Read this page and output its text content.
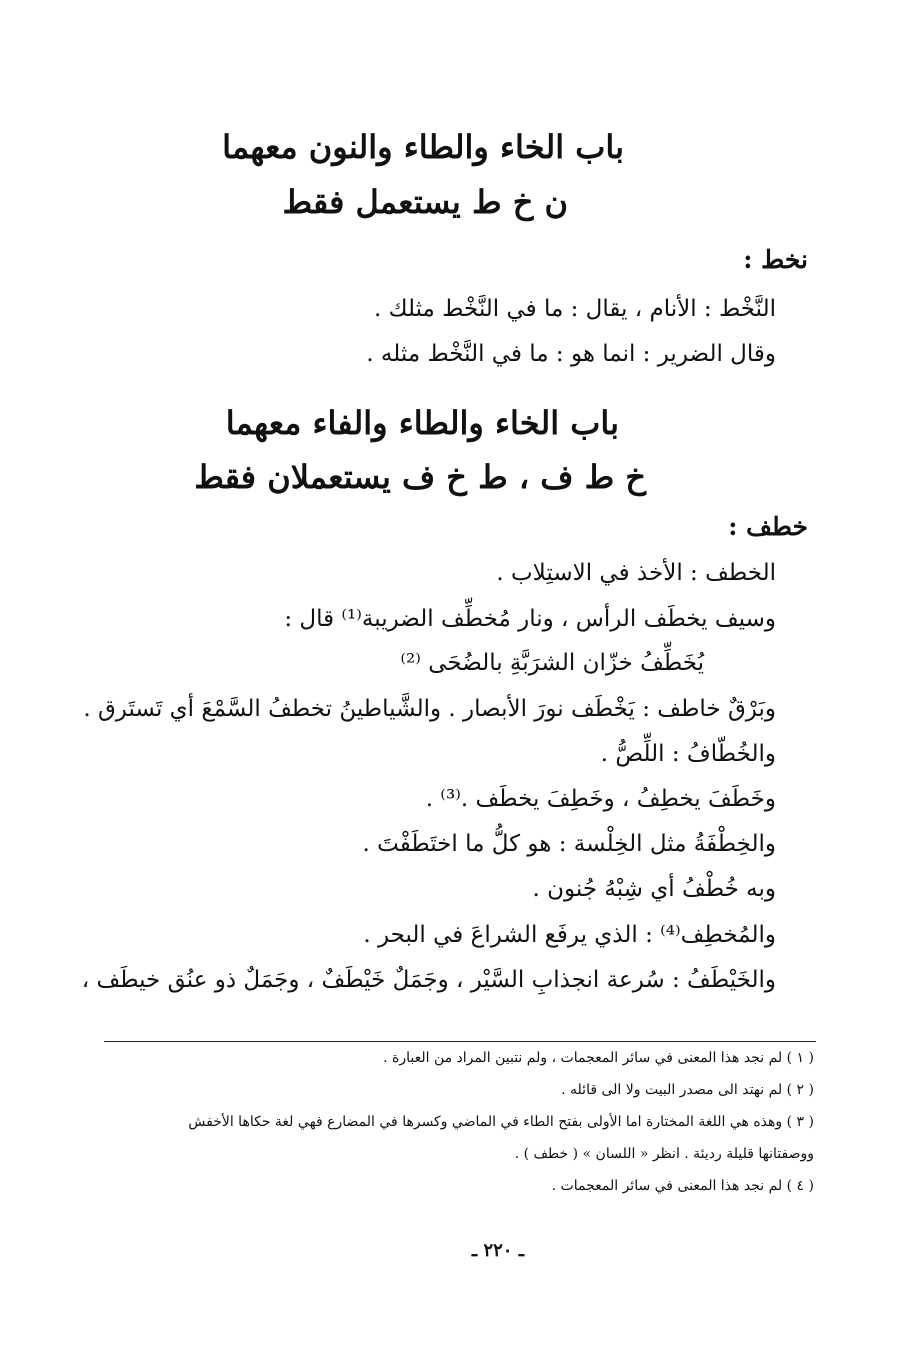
باب الخاء والطاء والنون معهما
ن خ ط يستعمل فقط
نخط :
النَّخْط : الأنام ، يقال : ما في النَّخْط مثلك .
وقال الضرير : انما هو : ما في النَّخْط مثله .
باب الخاء والطاء والفاء معهما
خ ط ف ، ط خ ف يستعملان فقط
خطف :
الخطف : الأخذ في الاستِلاب .
وسيف يخطَف الرأس ، ونار مُخطِّف الضريبة⁽¹⁾ قال :
يُخَطِّفُ خزّان الشرَبَّةِ بالضُحَى ⁽²⁾
وبَرْقٌ خاطف : يَخْطَف نورَ الأبصار . والشَّياطينُ تخطفُ السَّمْعَ أي تَستَرق .
والخُطّافُ : اللِّصُّ .
وخَطَفَ يخطِفُ ، وخَطِفَ يخطَف .⁽³⁾ .
والخِطْفَةُ مثل الخِلْسة : هو كلُّ ما اختَطَفْتَ .
وبه خُطْفُ أي شِبْهُ جُنون .
والمُخطِف⁽⁴⁾ : الذي يرفَع الشراعَ في البحر .
والخَيْطَفُ : سُرعة انجذابِ السَّيْر ، وجَمَلٌ خَيْطَفٌ ، وجَمَلٌ ذو عنُق خيطَف ،
( ١ ) لم نجد هذا المعنى في سائر المعجمات ، ولم نتبين المراد من العبارة .
( ٢ ) لم نهتد الى مصدر البيت ولا الى قائله .
( ٣ ) وهذه هي اللغة المختارة اما الأولى بفتح الطاء في الماضي وكسرها في المضارع فهي لغة حكاها الأخفش
ووصفتانها قليلة رديئة . انظر « اللسان » ( خطف ) .
( ٤ ) لم نجد هذا المعنى في سائر المعجمات .
ـ ٢٢٠ ـ
